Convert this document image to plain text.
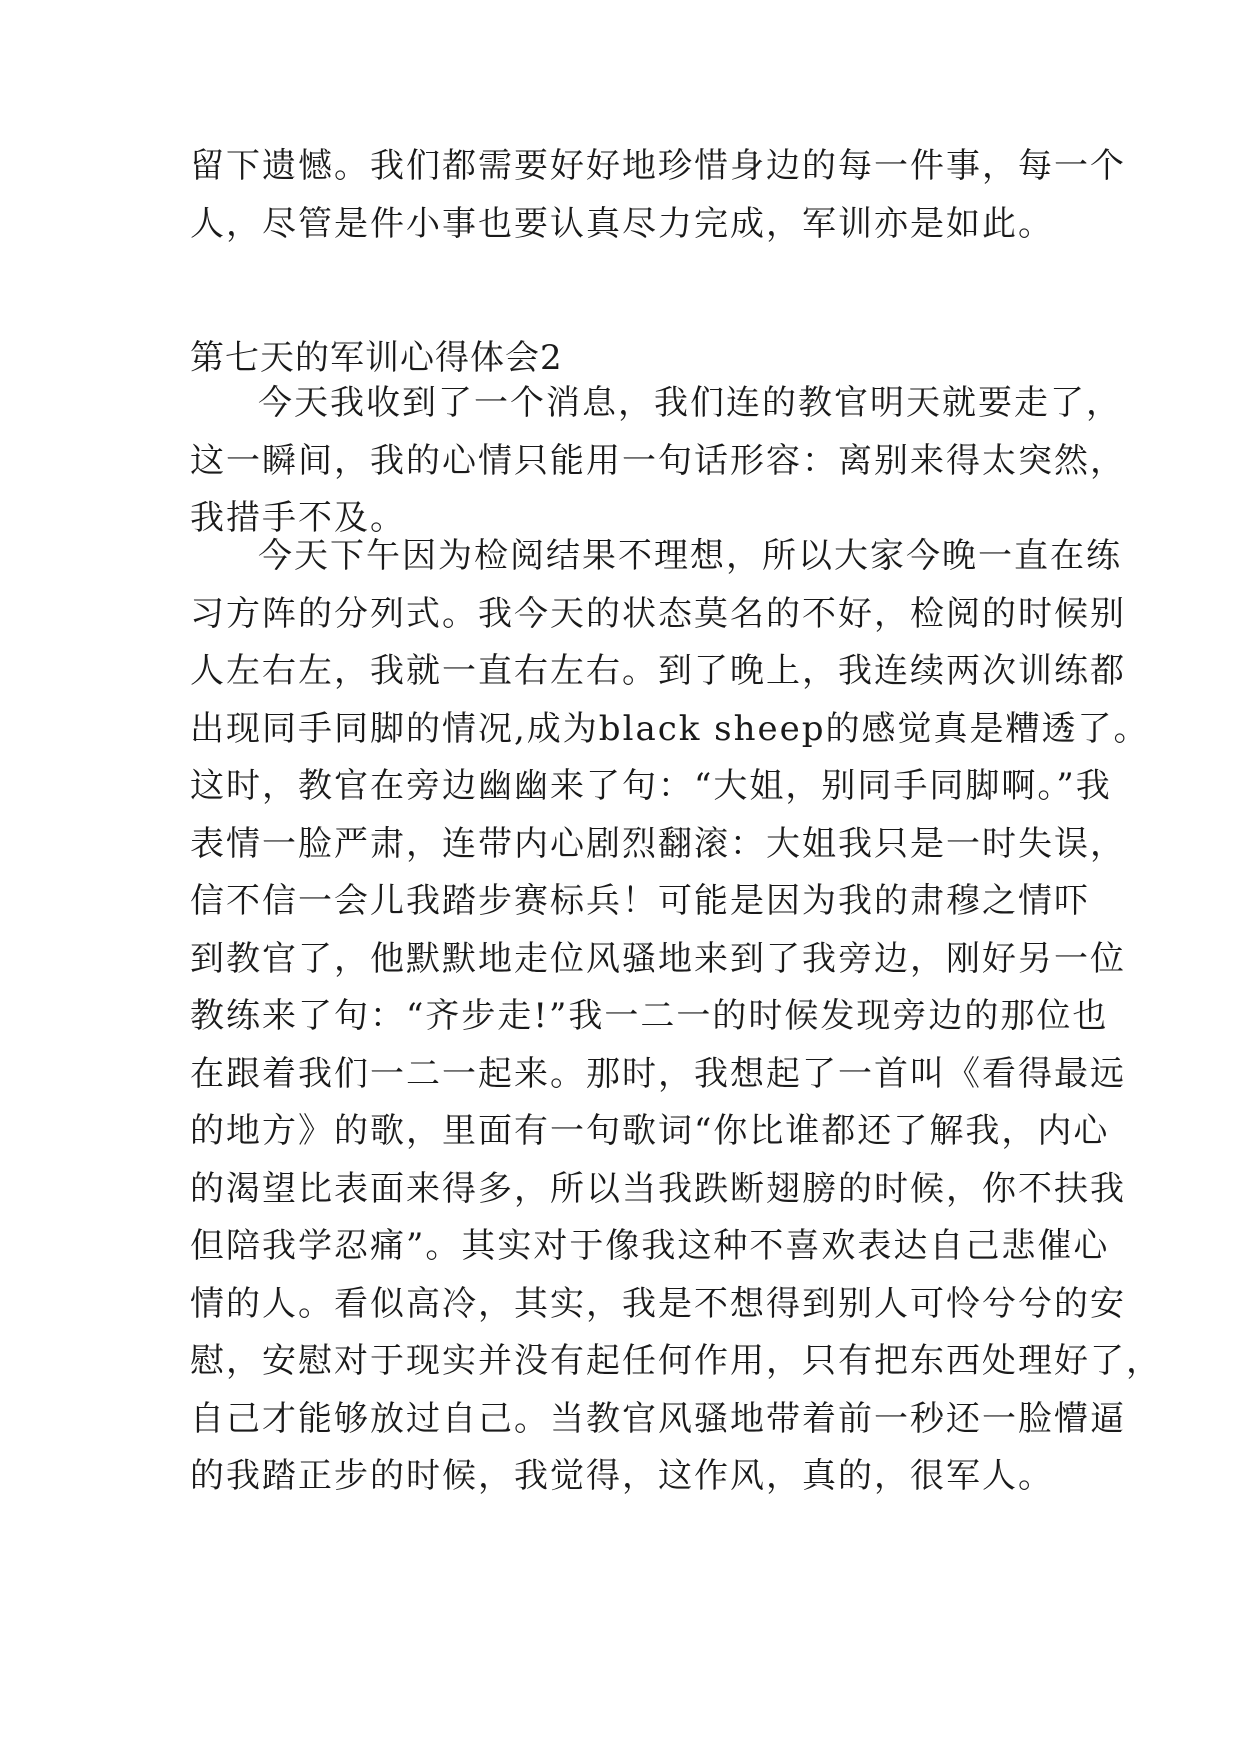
留下遗憾。我们都需要好好地珍惜身边的每一件事，每一个
人，尽管是件小事也要认真尽力完成，军训亦是如此。
第七天的军训心得体会2
今天我收到了一个消息，我们连的教官明天就要走了，
这一瞬间，我的心情只能用一句话形容：离别来得太突然，
我措手不及。
今天下午因为检阅结果不理想，所以大家今晚一直在练
习方阵的分列式。我今天的状态莫名的不好，检阅的时候别
人左右左，我就一直右左右。到了晚上，我连续两次训练都
出现同手同脚的情况,成为black sheep的感觉真是糟透了。
这时，教官在旁边幽幽来了句：“大姐，别同手同脚啊。”我
表情一脸严肃，连带内心剧烈翻滚：大姐我只是一时失误，
信不信一会儿我踏步赛标兵！可能是因为我的肃穆之情吓
到教官了，他默默地走位风骚地来到了我旁边，刚好另一位
教练来了句：“齐步走!”我一二一的时候发现旁边的那位也
在跟着我们一二一起来。那时，我想起了一首叫《看得最远
的地方》的歌，里面有一句歌词“你比谁都还了解我，内心
的渴望比表面来得多，所以当我跌断翅膀的时候，你不扶我
但陪我学忍痛”。其实对于像我这种不喜欢表达自己悲催心
情的人。看似高冷，其实，我是不想得到别人可怜兮兮的安
慰，安慰对于现实并没有起任何作用，只有把东西处理好了，
自己才能够放过自己。当教官风骚地带着前一秒还一脸懵逼
的我踏正步的时候，我觉得，这作风，真的，很军人。
